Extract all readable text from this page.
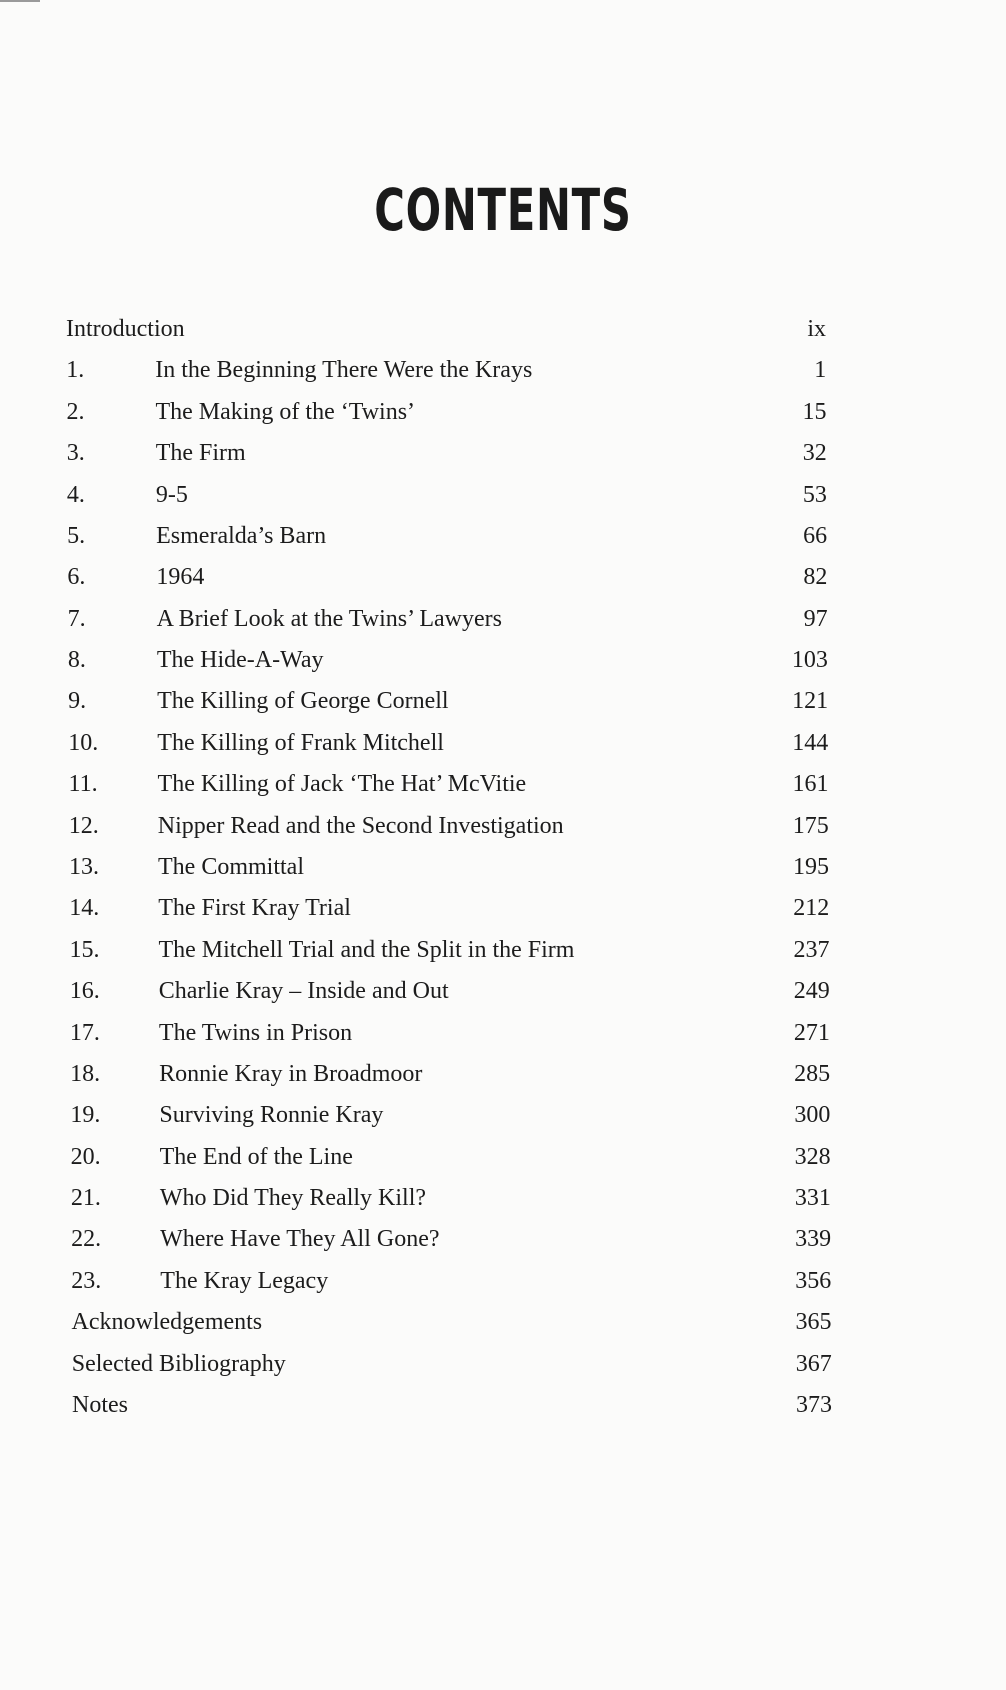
CONTENTS
Introduction	ix
1.	In the Beginning There Were the Krays	1
2.	The Making of the ‘Twins’	15
3.	The Firm	32
4.	9-5	53
5.	Esmeralda’s Barn	66
6.	1964	82
7.	A Brief Look at the Twins’ Lawyers	97
8.	The Hide-A-Way	103
9.	The Killing of George Cornell	121
10. The Killing of Frank Mitchell	144
11. The Killing of Jack ‘The Hat’ McVitie	161
12. Nipper Read and the Second Investigation	175
13. The Committal	195
14. The First Kray Trial	212
15. The Mitchell Trial and the Split in the Firm	237
16. Charlie Kray – Inside and Out	249
17. The Twins in Prison	271
18. Ronnie Kray in Broadmoor	285
19. Surviving Ronnie Kray	300
20. The End of the Line	328
21. Who Did They Really Kill?	331
22. Where Have They All Gone?	339
23. The Kray Legacy	356
Acknowledgements	365
Selected Bibliography	367
Notes	373
